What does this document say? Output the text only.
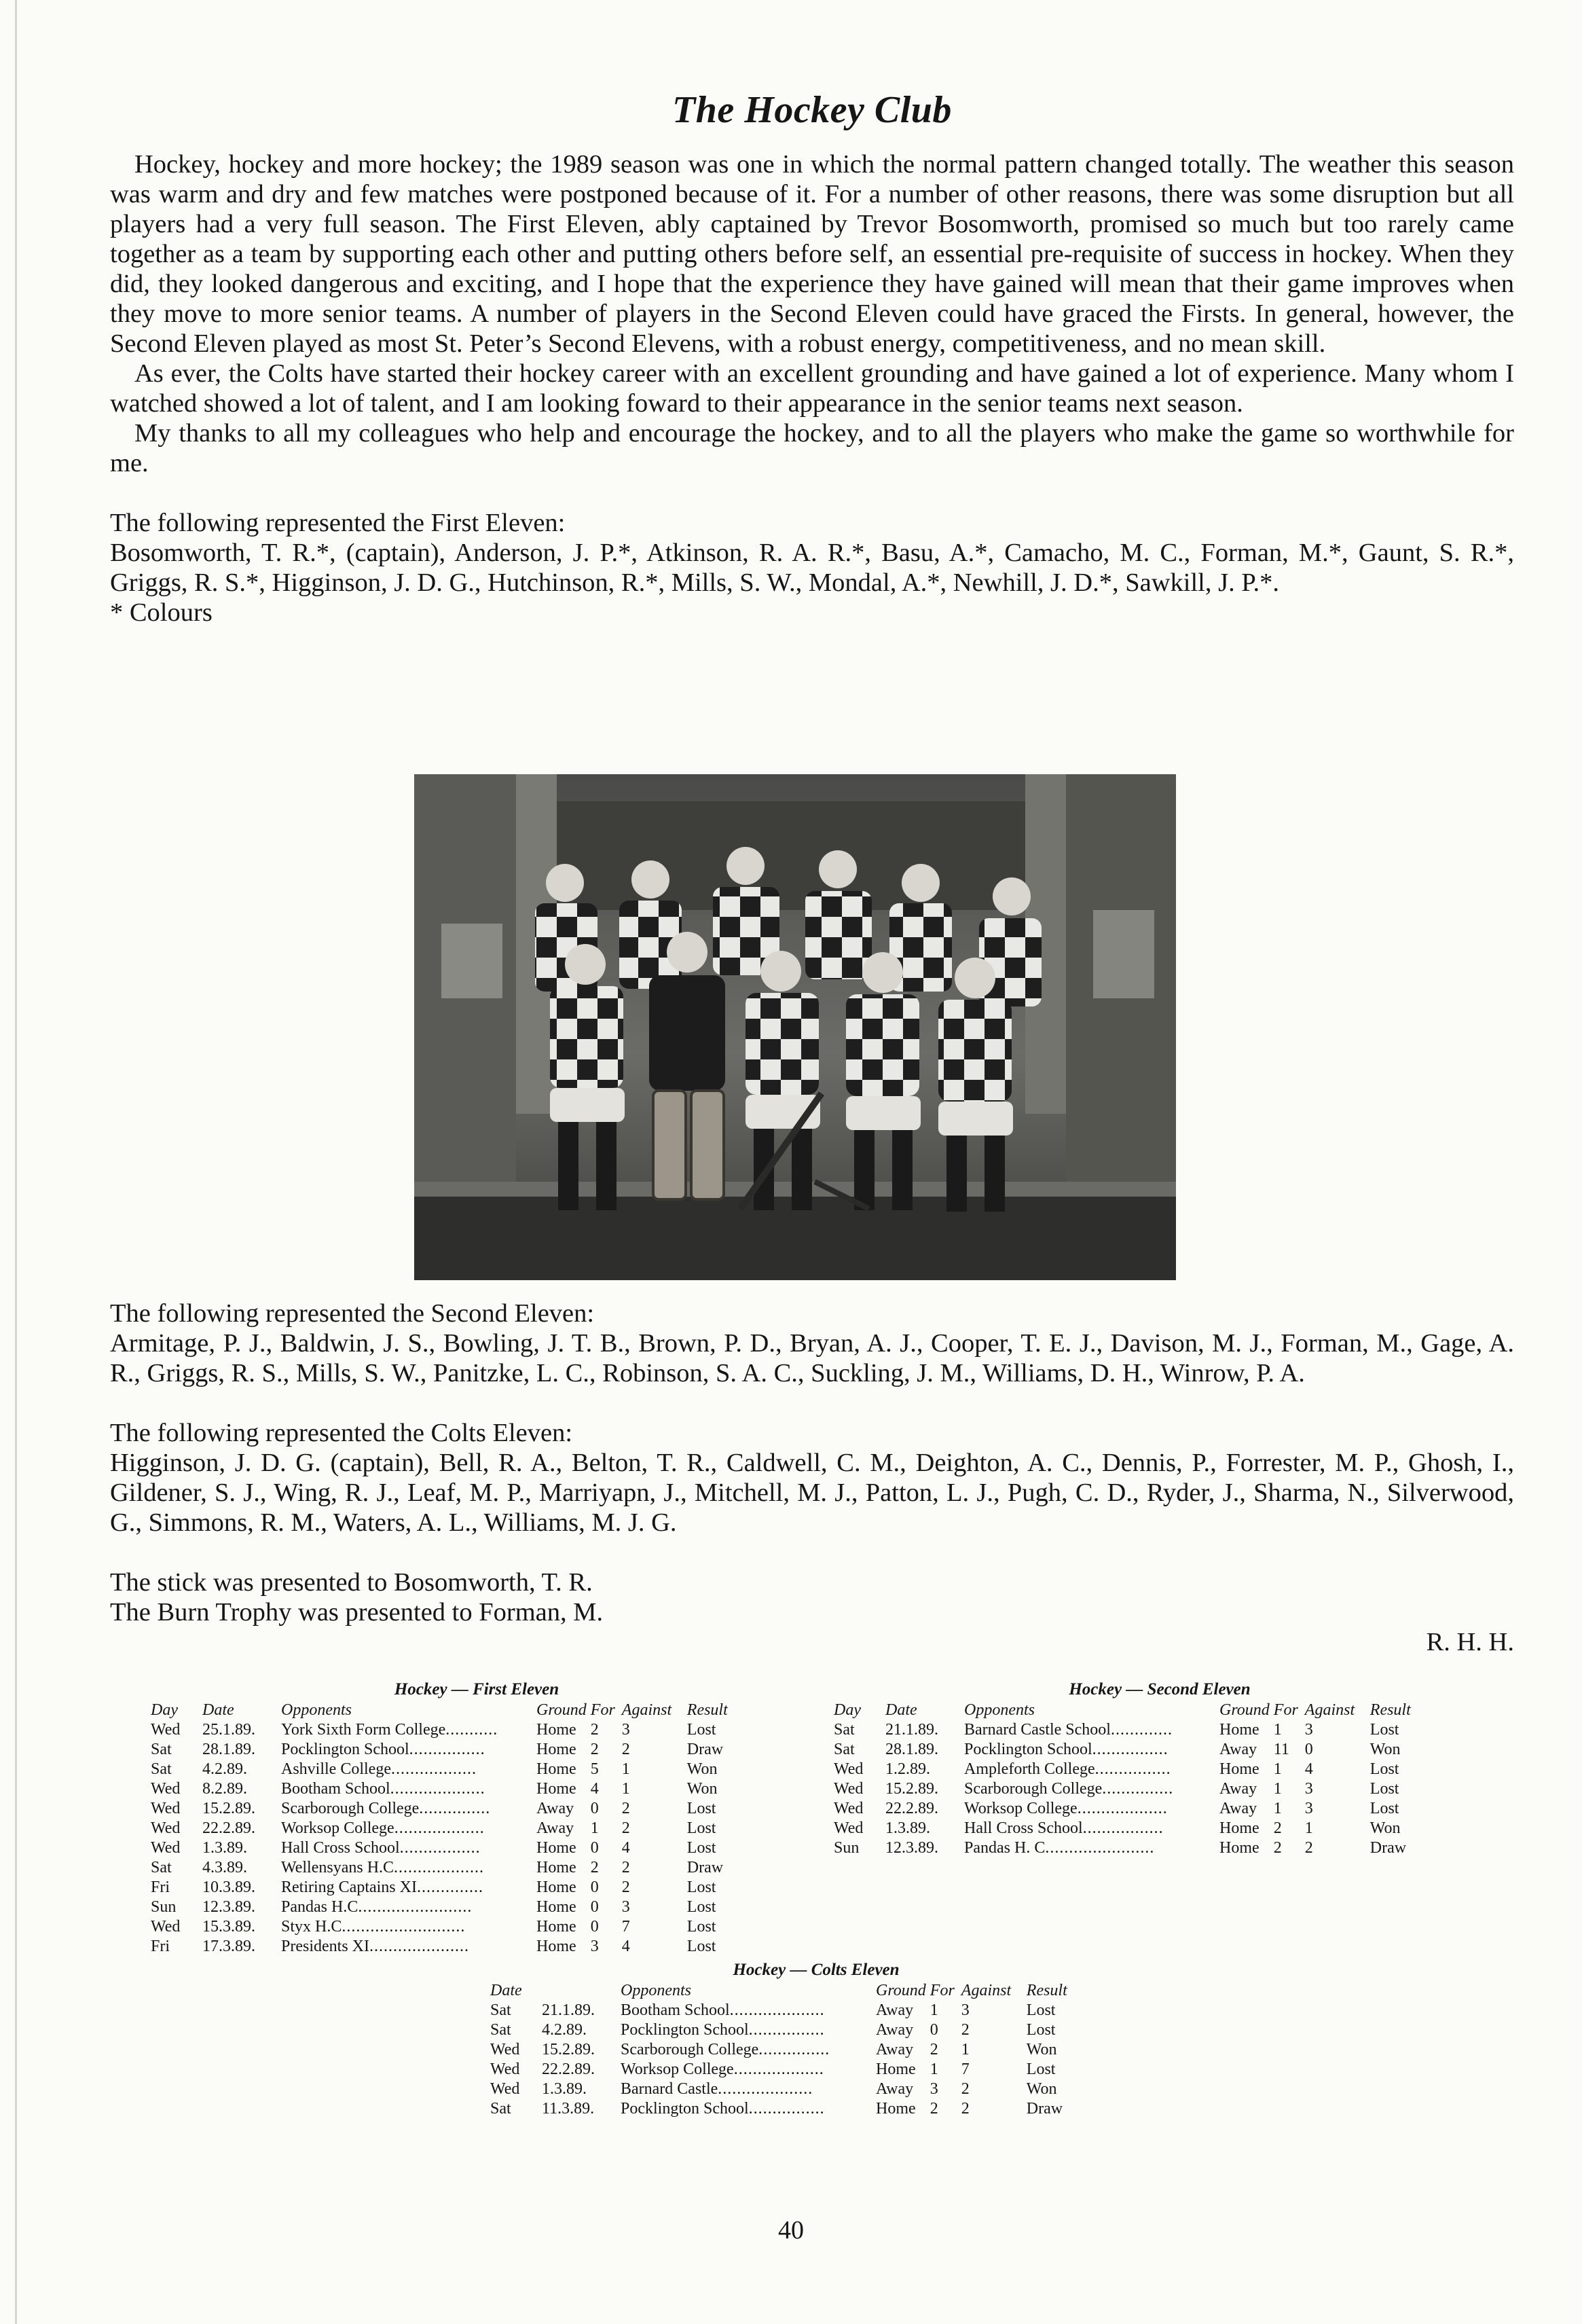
The Hockey Club

Hockey, hockey and more hockey; the 1989 season was one in which the normal pattern changed totally. The weather this season was warm and dry and few matches were postponed because of it. For a number of other reasons, there was some disruption but all players had a very full season. The First Eleven, ably captained by Trevor Bosomworth, promised so much but too rarely came together as a team by supporting each other and putting others before self, an essential pre-requisite of success in hockey. When they did, they looked dangerous and exciting, and I hope that the experience they have gained will mean that their game improves when they move to more senior teams. A number of players in the Second Eleven could have graced the Firsts. In general, however, the Second Eleven played as most St. Peter’s Second Elevens, with a robust energy, competitiveness, and no mean skill.

As ever, the Colts have started their hockey career with an excellent grounding and have gained a lot of experience. Many whom I watched showed a lot of talent, and I am looking foward to their appearance in the senior teams next season.

My thanks to all my colleagues who help and encourage the hockey, and to all the players who make the game so worthwhile for me.

The following represented the First Eleven:

Bosomworth, T. R.*, (captain), Anderson, J. P.*, Atkinson, R. A. R.*, Basu, A.*, Camacho, M. C., Forman, M.*, Gaunt, S. R.*, Griggs, R. S.*, Higginson, J. D. G., Hutchinson, R.*, Mills, S. W., Mondal, A.*, Newhill, J. D.*, Sawkill, J. P.*.

* Colours

The following represented the Second Eleven:

Armitage, P. J., Baldwin, J. S., Bowling, J. T. B., Brown, P. D., Bryan, A. J., Cooper, T. E. J., Davison, M. J., Forman, M., Gage, A. R., Griggs, R. S., Mills, S. W., Panitzke, L. C., Robinson, S. A. C., Suckling, J. M., Williams, D. H., Winrow, P. A.

The following represented the Colts Eleven:

Higginson, J. D. G. (captain), Bell, R. A., Belton, T. R., Caldwell, C. M., Deighton, A. C., Dennis, P., Forrester, M. P., Ghosh, I., Gildener, S. J., Wing, R. J., Leaf, M. P., Marriyapn, J., Mitchell, M. J., Patton, L. J., Pugh, C. D., Ryder, J., Sharma, N., Silverwood, G., Simmons, R. M., Waters, A. L., Williams, M. J. G.

The stick was presented to Bosomworth, T. R.

The Burn Trophy was presented to Forman, M.

R. H. H.

Hockey — First Eleven
Day	Date	Opponents	Ground	For	Against	Result
Wed	25.1.89.	York Sixth Form College...........	Home	2	3	Lost
Sat	28.1.89.	Pocklington School................	Home	2	2	Draw
Sat	4.2.89.	Ashville College..................	Home	5	1	Won
Wed	8.2.89.	Bootham School....................	Home	4	1	Won
Wed	15.2.89.	Scarborough College...............	Away	0	2	Lost
Wed	22.2.89.	Worksop College...................	Away	1	2	Lost
Wed	1.3.89.	Hall Cross School.................	Home	0	4	Lost
Sat	4.3.89.	Wellensyans H.C...................	Home	2	2	Draw
Fri	10.3.89.	Retiring Captains XI..............	Home	0	2	Lost
Sun	12.3.89.	Pandas H.C........................	Home	0	3	Lost
Wed	15.3.89.	Styx H.C..........................	Home	0	7	Lost
Fri	17.3.89.	Presidents XI.....................	Home	3	4	Lost
Hockey — Second Eleven
Day	Date	Opponents	Ground	For	Against	Result
Sat	21.1.89.	Barnard Castle School.............	Home	1	3	Lost
Sat	28.1.89.	Pocklington School................	Away	11	0	Won
Wed	1.2.89.	Ampleforth College................	Home	1	4	Lost
Wed	15.2.89.	Scarborough College...............	Away	1	3	Lost
Wed	22.2.89.	Worksop College...................	Away	1	3	Lost
Wed	1.3.89.	Hall Cross School.................	Home	2	1	Won
Sun	12.3.89.	Pandas H. C.......................	Home	2	2	Draw
Hockey — Colts Eleven
Date		Opponents	Ground	For	Against	Result
Sat	21.1.89.	Bootham School....................	Away	1	3	Lost
Sat	4.2.89.	Pocklington School................	Away	0	2	Lost
Wed	15.2.89.	Scarborough College...............	Away	2	1	Won
Wed	22.2.89.	Worksop College...................	Home	1	7	Lost
Wed	1.3.89.	Barnard Castle....................	Away	3	2	Won
Sat	11.3.89.	Pocklington School................	Home	2	2	Draw
40
